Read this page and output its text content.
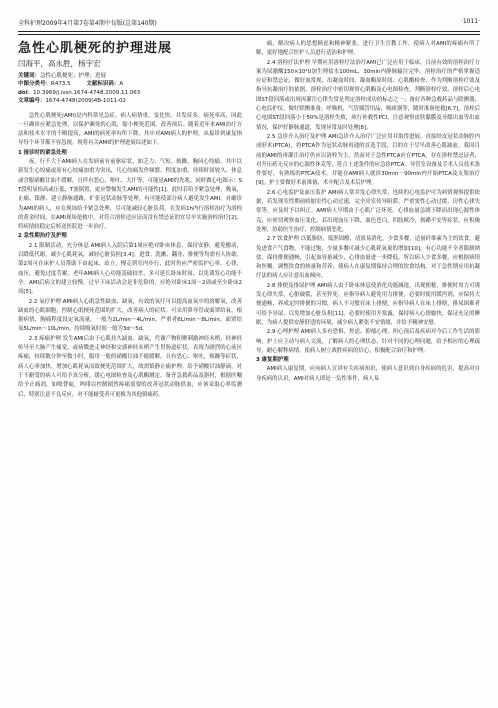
全科护理2009年4月第7卷第4期中旬版(总第140期)	·1011·
急性心肌梗死的护理进展
闫海平，高永胜，杨宇宏
关键词：急性心肌梗死；护理；进展
中图分类号：R473.5	文献标识码：A
doi：10.3969/j.issn.1674-4748.2009.11.063
文章编号：1674-4748(2009)4B-1011-02

急性心肌梗死(AMI)是内科常见急症，病人病情重、变化快、并发症多，病死率高，因此一旦确诊应紧急处理，以保护濒死的心肌，缩小梗死范围，改善预后。随着近年来AMI治疗方法和技术水平的不断提高，AMI的病死率有所下降，其中对AMI病人的护理，从接诊到康复指导每个环节都不容忽视。现将有关AMI的护理进展综述如下。

1 接诊时的紧急处理

夜，行不大于AMI病人在发病前有前驱症状，如乏力、气短、烦躁，胸闷心绞痛，其中以新发生心绞痛或原有心绞痛加重为突出，凡心绞痛发作频繁、程度加重、持续时间较久、休息或含服硝酸甘油不缓解，且伴有恶心、呕吐、大汗等，可能是AMI的先兆。同时做心电图示：ST段明显抬高或压低，T波倒置，更应警惕发生AMI的可能性[1]。此时若给予紧急处理，吸氧、止痛、镇静、建立静脉通路，扩张冠状动脉等处理，有可能使部分病人避免发生AMI，对确诊为AMI的病人，应在现场给予紧急处理，尽可能减轻心脏负荷。在发病1h内行溶栓治疗为溶栓的黄金时间，在AMI现场抢救中，对符合溶栓适应证而没有禁忌证的宜尽早实施溶栓治疗[2]。将病情较稳定后转送医院进一步治疗。

2 急性期治疗及护理

2.1 限制活动，充分休息 AMI病人入院后第1周应绝对卧床休息，保持安静，避免搬动，以降低代谢，减少心肌耗氧，减轻心脏负担[3,4]。进食、洗漱、翻身、排便等均需有人协助。第2周可在床护人员帮助下由起床、站立，慢走到室内步行，此时仍应严密监护心率、心律，血压，避免过度劳累。老年AMI病人心功能基础较差，多可延长卧床时间，以免诱发心功能不全。AMI后病文的建立较慢，过早下床活动会是非危险的，应绝对卧床1周～2周或至少卧床2周[5]。

2.2 氧疗护理 AMI病人心肌急性缺血、缺氧，有效的氧疗可以提高血氧中的溶解氧，改善缺血的心肌细胞，控制心肌梗死范围的扩大，改善病人的症状。可采用鼻导管或面罩给氧，根据病情、胸痛程度设定氧流量，一般为2L/min～4L/min，严重者6L/min～8L/min，面罩给氧5L/min～10L/min，持续吸氧时间一般为3d～5d。

2.3 疼痛护理 发生AMI后由于心肌持久缺血、缺氧，代谢产物积聚刺激神经末梢，经神经传导至大脑产生痛觉，或病微进走神经和交感神经末梢产生胃肠道症状，表现为剧烈的心前区疼痛，持续数分钟至数小时，服用一般的硝酸甘油不能缓解，且有恐心、呕吐，烦躁等症状，病人心率加快，增加心肌耗氧而致梗死范围扩大，故需镇静止痛护理。给予硝酸甘油静滴，对于不耐受的病人可给予真分析，缓心电图检查及心肌酶测定，备齐急救药品及器材，根据医嘱给予止痛剂，如哌替啶，吗啡以控制剧烈疼痛需要的改善冠状动脉供血，应该采取心率监测后，特别注意不良反应，对不能耐受者可更换为其他镇痛药。

痛，解决病人的思想顾虑和精神紧张，进行卫生宣教工作，使病人对AMI的疼痛有所了解，更好地配合医护人员进行适治和护理。

2.4 溶栓疗法护理 早期应用溶栓疗法治疗AMI已广泛应用于临床，目前有效的溶栓治疗方案为尿激酶150×10⁴U加生理盐水100mL，30min内静脉输注完毕。溶栓治疗的严格掌握适应证和禁忌证，做好血常规、出凝血时间、凝血酶原时间、心肌酶检查，作为判断溶栓疗效及指导抗凝治疗的依据。溶栓治疗中密切观察心肌酶及心电图检查，判断溶栓疗效。溶栓后心电图ST段回落或出现再灌注心律失常是判定溶栓成功的标志之一；备好各种急救药品与除颤器，心电监护仪，做好除颤准备，呼吸机，气管插管用品，吸痰器等，随时准备抢救[6,7]。溶栓后心电图ST段回落小于50%是溶栓失败，须行补救性PCI，注意观察皮肤黏膜及牙龈出血等出血情况，保护好静脉通道，发现异常及时处理[8]。

2.5 急诊介入治疗及护理 AMI急诊介入治疗广泛应用并取得进展，直接经皮冠状动脉腔内成形术(PTCA)，将PTCA作为冠状动脉再通的首选手段，目的在于尽早改善心肌缺血，我国目前的AMI的再灌注治疗仍应以溶栓为主，然而对于急性PTCA应在PTCA，存在溶栓禁忌证者，对升压药无反应的心源性休克等，符合上述条件的应急诊PTCA。导管室设备及手术人员技术条件要好，有熟练的PTCA技术，并能在AMI病人就诊30min～90min内开始PTCA及支架治疗[9]。护士要做好术前准备、术中配合及术后护理。

2.6 心电监护及血压监护 AMI病人常并发心律失常，连续的心电监护可为病情观察提供依据，若发现室性期前收缩室性心动过速，完全房室传导阻滞，严重窦性心动过缓，房性心律失常等，应及时予以纠正。AMI病人早期由于心肌广泛坏死，心排血量急剧下降而出现心源性休克，应密切观察血压变化，若出现血压下降，面色苍白，四肢厥冷，烦躁不安等症状，应积极处理，协助医生治疗，控制病情恶化。

2.7 饮食护理 以低脂肪，低胆固醇，清淡易消化，少食多餐，适量纤维素为主的饮食，避免进食产气食物，不能过饱，少量多餐可减少心肌耗氧量的增加[10]，有心功能不全者限制钠盐，保持排便通畅，引起血容量减少，心排血量进一步降低，所以病人少食多餐，应根据病情和医嘱，调整饮食的热量和营养，使病人在康复期保持合理的饮食结构。对于急性期应用抗凝疗法的病人应注意出血倾向。

2.8 排便及排尿护理 AMI病人由于卧床休息使消化功能减退，出现便秘，排便时用力可诱发心律失常，心脏破裂，甚至猝死。应指导病人避免用力排便，必要时使用缓泻剂，应保持大便通畅，养成定时排便的习惯，病人不习惯在床上排便，应指导病人在床上排便，排尿困难者可给予导尿，以免增加心脏负担[11]。必要时使用开塞露，保持病人心情愉快，保证充足的睡眠，为病人提供安静舒适的环境，减少病人紧张不安情绪，并给予精神安慰。

2.9 心理护理 AMI病人多有恐惧、焦虑、抑郁心理，担心预后及疾病对今后工作生活的影响，护士应主动与病人交流，了解病人的心理状态，针对不同的心理问题，给予相应的心理疏导，耐心解释病情，使病人树立战胜疾病的信心，积极配合治疗和护理。

3 康复期护理

AMI病人康复期，应向病人宣讲有关疾病知识，使病人意识到自身疾病的危害，提高对自身疾病的认识。AMI对病人即是一负性事件，病人易
